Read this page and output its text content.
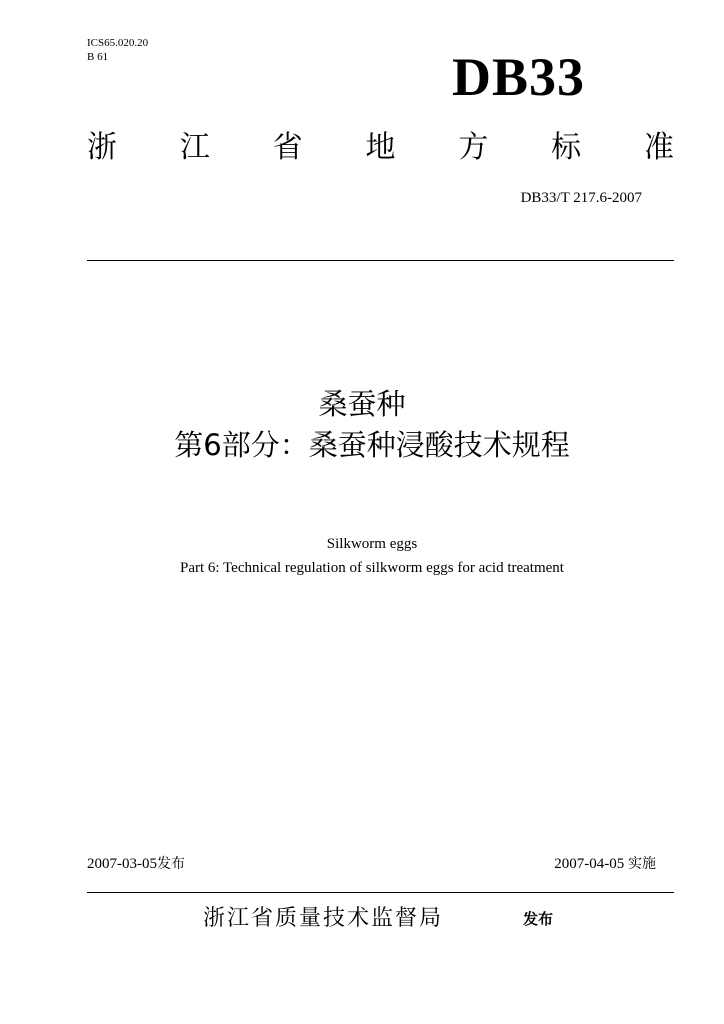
ICS65.020.20
B 61	DB33
浙 江 省 地 方 标 准
DB33/T 217.6-2007
桑蚕种
第6部分：桑蚕种浸酸技术规程
Silkworm eggs
Part 6: Technical regulation of silkworm eggs for acid treatment
2007-03-05发布	2007-04-05 实施
浙江省质量技术监督局	发布
